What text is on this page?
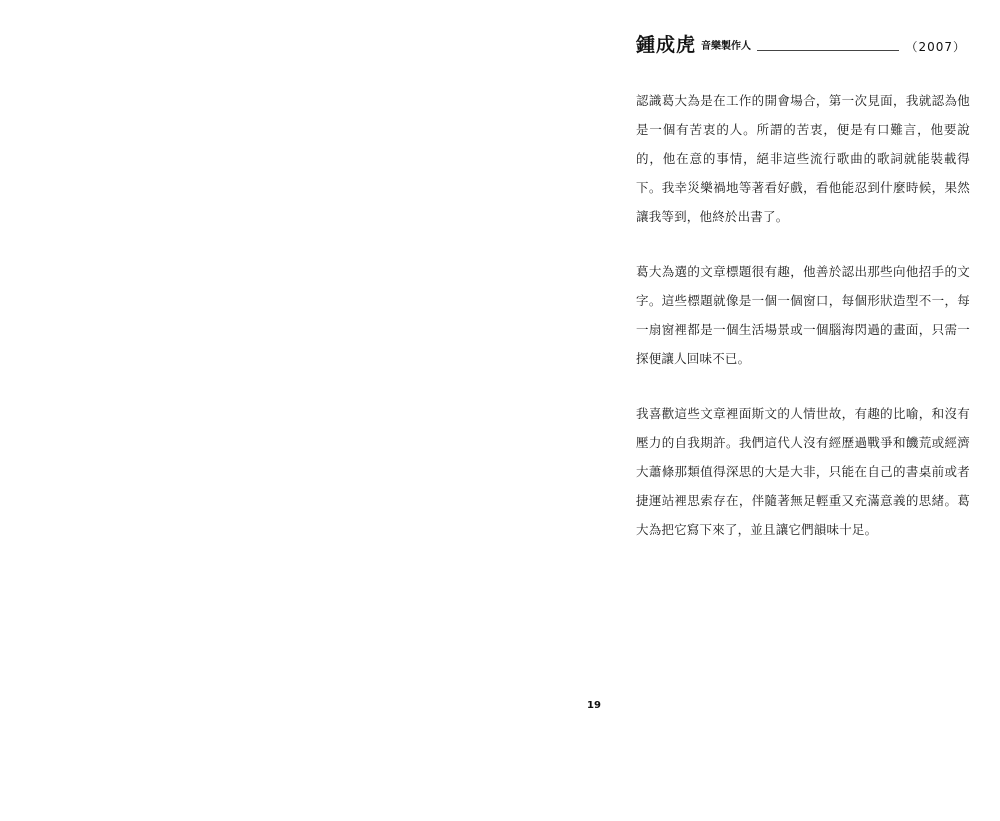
鍾成虎 音樂製作人	（2007）

認識葛大為是在工作的開會場合，第一次見面，我就認為他是一個有苦衷的人。所謂的苦衷，便是有口難言，他要說的，他在意的事情，絕非這些流行歌曲的歌詞就能裝載得下。我幸災樂禍地等著看好戲，看他能忍到什麼時候，果然讓我等到，他終於出書了。

葛大為選的文章標題很有趣，他善於認出那些向他招手的文字。這些標題就像是一個一個窗口，每個形狀造型不一，每一扇窗裡都是一個生活場景或一個腦海閃過的畫面，只需一探便讓人回味不已。

我喜歡這些文章裡面斯文的人情世故，有趣的比喻，和沒有壓力的自我期許。我們這代人沒有經歷過戰爭和饑荒或經濟大蕭條那類值得深思的大是大非，只能在自己的書桌前或者捷運站裡思索存在，伴隨著無足輕重又充滿意義的思緒。葛大為把它寫下來了，並且讓它們韻味十足。

19
